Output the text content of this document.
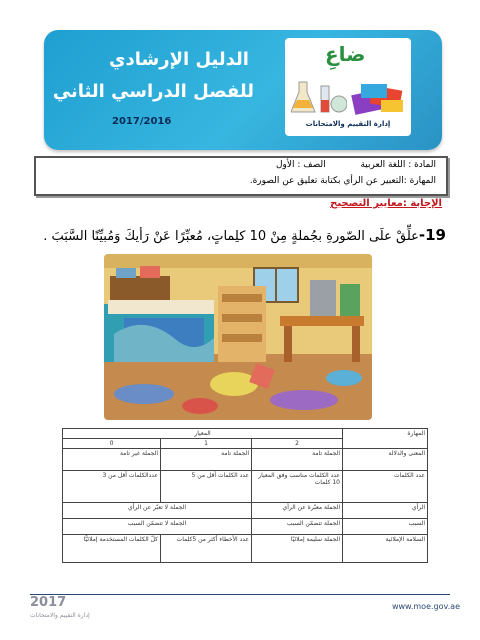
الدليل الإرشادي
للفصل الدراسي الثاني
2017/2016
ضاعِ
إدارة التقييم والامتحانات
المادة : اللغة العربية
الصف : الأول
المهارة :التعبير عن الرأي بكتابة تعليق عن الصورة.
الإجابة :معايير التصحيح
19-علِّقْ علَى الصّورةِ بجُملةٍ مِنْ 10 كلِماتٍ، مُعبِّرًا عَنْ رَأيكَ وَمُبيِّنًا السَّبَبَ .
المهارة	المعيار		
	2	1	0
المعنى والدلالة	الجملة تامة	الجملة تامة	الجملة غير تامة
عدد الكلمات	عدد الكلمات مناسب وفق المعيار 10 كلمات	عدد الكلمات أقل من 5	عددالكلمات أقل من 3
الرأي	الجملة معبّرة عن الرأي	الجملة لا تعبّر عن الرأي	
السبب	الجملة تتضمّن السبب	الجملة لا تتضمّن السبب	
السلامة الإملائية	الجملة سليمة إملائيًا	عدد الأخطاء أكثر من 5كلمات	كلّ الكلمات المستخدمة إملائيًّا
2017
إدارة التقييم والامتحانات
www.moe.gov.ae
